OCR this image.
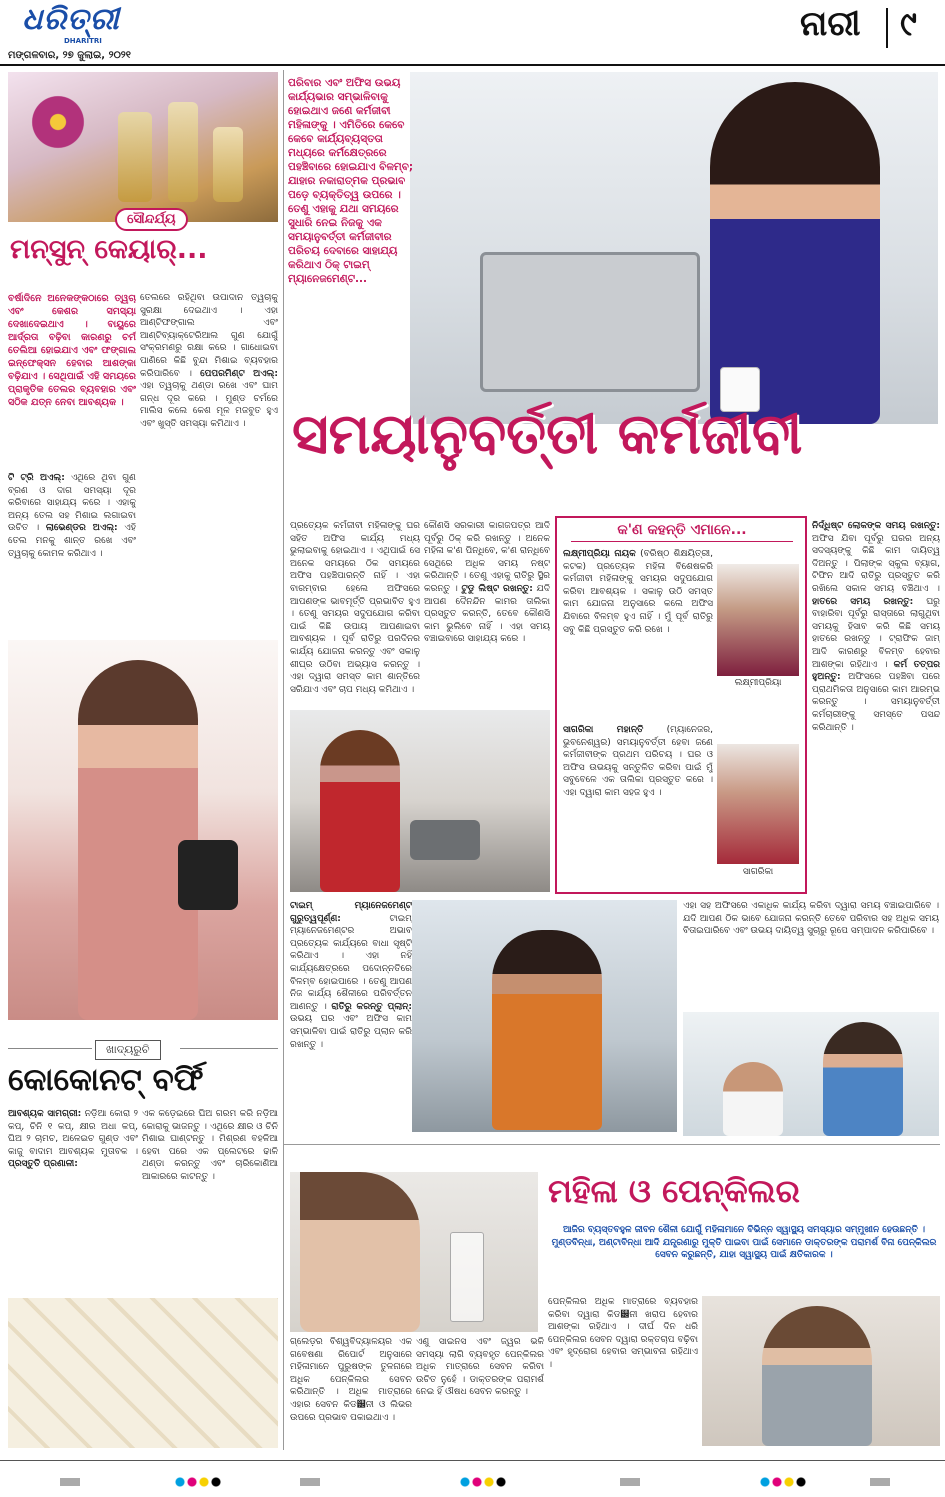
ଧରିତ୍ରୀ
DHARITRI
ମଙ୍ଗଳବାର, ୨୭ ଜୁଲାଇ, ୨୦୨୧
ନାରୀ ୯
ସୌନ୍ଦର୍ଯ୍ୟ
ମନ୍‌ସୁନ୍ କେୟାର୍...
ବର୍ଷାଦିନେ ଅନେକଙ୍କଠାରେ ତ୍ୱଚା ଏବଂ କେଶର ସମସ୍ୟା ଦେଖାଦେଇଥାଏ । ବାୟୁରେ ଆର୍ଦ୍ରତା ବଢ଼ିବା କାରଣରୁ ଚର୍ମ ତେଲିଆ ହୋଇଯାଏ ଏବଂ ଫଙ୍ଗାଲ ଇନ୍‌ଫେକ୍ସନ ହେବାର ଆଶଙ୍କା ବଢ଼ିଯାଏ । ସେଥିପାଇଁ ଏହି ସମୟରେ ପ୍ରାକୃତିକ ତେଲର ବ୍ୟବହାର ଏବଂ ସଠିକ ଯତ୍ନ ନେବା ଆବଶ୍ୟକ ।
ତେଲରେ ରହିଥିବା ଉପାଦାନ ତ୍ୱଚାକୁ ସୁରକ୍ଷା ଦେଇଥାଏ । ଏହା ଆଣ୍ଟିଫଙ୍ଗାଲ ଏବଂ ଆଣ୍ଟିବ୍ୟାକ୍ଟେରିଆଲ ଗୁଣ ଯୋଗୁଁ ସଂକ୍ରମଣରୁ ରକ୍ଷା କରେ । ଗାଧୋଇବା ପାଣିରେ କିଛି ବୁନ୍ଦା ମିଶାଇ ବ୍ୟବହାର କରିପାରିବେ । ପେପରମିଣ୍ଟ ଅଏଲ୍: ଏହା ତ୍ୱଚାକୁ ଥଣ୍ଡା ରଖେ ଏବଂ ଘାମ ଗନ୍ଧ ଦୂର କରେ । ମୁଣ୍ଡ ଚର୍ମରେ ମାଲିସ କଲେ କେଶ ମୂଳ ମଜବୁତ ହୁଏ ଏବଂ ଖୁସ୍ତି ସମସ୍ୟା କମିଥାଏ ।
ଟି ଟ୍ରି ଅଏଲ୍: ଏଥିରେ ଥିବା ଗୁଣ ବ୍ରଣ ଓ ଦାଗ ସମସ୍ୟା ଦୂର କରିବାରେ ସାହାଯ୍ୟ କରେ । ଏହାକୁ ଅନ୍ୟ ତେଲ ସହ ମିଶାଇ ଲଗାଇବା ଉଚିତ । ଲାଭେଣ୍ଡର ଅଏଲ୍: ଏହି ତେଲ ମନକୁ ଶାନ୍ତ ରଖେ ଏବଂ ତ୍ୱଚାକୁ କୋମଳ କରିଥାଏ ।
ଖାଦ୍ୟରୁଚି
କୋକୋନଟ୍ ବର୍ଫି
ଆବଶ୍ୟକ ସାମଗ୍ରୀ: ନଡ଼ିଆ କୋରା ୨ କପ୍, ଚିନି ୧ କପ୍, କ୍ଷୀର ଅଧା କପ୍, ଘିଅ ୨ ଚାମଚ, ଅଳେଇଚ ଗୁଣ୍ଡ ଏବଂ କାଜୁ ବାଦାମ ଆବଶ୍ୟକ ମୁତାବକ । ପ୍ରସ୍ତୁତି ପ୍ରଣାଳୀ:
ଏକ କଡ଼େଇରେ ଘିଅ ଗରମ କରି ନଡ଼ିଆ କୋରାକୁ ଭାଜନ୍ତୁ । ଏଥିରେ କ୍ଷୀର ଓ ଚିନି ମିଶାଇ ଘାଣ୍ଟନ୍ତୁ । ମିଶ୍ରଣ ବହଳିଆ ହେବା ପରେ ଏକ ପ୍ଲେଟରେ ଢାଳି ଥଣ୍ଡା କରନ୍ତୁ ଏବଂ ଚାରିକୋଣିଆ ଆକାରରେ କାଟନ୍ତୁ ।
ପରିବାର ଏବଂ ଅଫିସ ଉଭୟ କାର୍ଯ୍ୟଭାର ସମ୍ଭାଳିବାକୁ ହୋଇଥାଏ ଜଣେ କର୍ମଜୀବୀ ମହିଳାଙ୍କୁ । ଏମିତିରେ କେବେ କେବେ କାର୍ଯ୍ୟବ୍ୟସ୍ତତା ମଧ୍ୟରେ କର୍ମକ୍ଷେତ୍ରରେ ପହଞ୍ଚିବାରେ ହୋଇଯାଏ ବିଳମ୍ବ; ଯାହାର ନକାରାତ୍ମକ ପ୍ରଭାବ ପଡ଼େ ବ୍ୟକ୍ତିତ୍ୱ ଉପରେ । ତେଣୁ ଏହାକୁ ଯଥା ସମୟରେ ସୁଧାରି ନେଇ ନିଜକୁ ଏକ ସମୟାନୁବର୍ତ୍ତୀ କର୍ମଜୀବୀର ପରିଚୟ ଦେବାରେ ସାହାଯ୍ୟ କରିଥାଏ ଠିକ୍ ଟାଇମ୍ ମ୍ୟାନେଜମେଣ୍ଟ...
ସମୟାନୁବର୍ତ୍ତୀ କର୍ମଜୀବୀ
ପ୍ରତ୍ୟେକ କର୍ମଜୀବୀ ମହିଳାଙ୍କୁ ଘର ସହିତ ଅଫିସ କାର୍ଯ୍ୟ ମଧ୍ୟ ଭୁଲାଇବାକୁ ହୋଇଥାଏ । ଏଥିପାଇଁ ସେ ଅନେକ ସମୟରେ ଠିକ ସମୟରେ ଅଫିସ ପହଞ୍ଚିପାରନ୍ତି ନାହିଁ । ଏହା ବାରମ୍ବାର ହେଲେ ଅଫିସରେ ଆପଣଙ୍କ ଭାବମୂର୍ତ୍ତି ପ୍ରଭାବିତ ହୁଏ । ତେଣୁ ସମୟର ସଦୁପଯୋଗ କରିବା ପାଇଁ କିଛି ଉପାୟ ଆପଣାଇବା ଆବଶ୍ୟକ । ପୂର୍ବ ରାତିରୁ ପରଦିନର କାର୍ଯ୍ୟ ଯୋଜନା କରନ୍ତୁ ଏବଂ ସକାଳୁ ଶୀଘ୍ର ଉଠିବା ଅଭ୍ୟାସ କରନ୍ତୁ । ଏହା ଦ୍ୱାରା ସମସ୍ତ କାମ ଶାନ୍ତିରେ ସରିଯାଏ ଏବଂ ଚାପ ମଧ୍ୟ କମିଥାଏ ।
କୌଣସି ସରକାରୀ କାଗଜପତ୍ର ଆଦି ପୂର୍ବରୁ ଠିକ୍ କରି ରଖନ୍ତୁ । ଅନେକ ମହିଳା କ'ଣ ପିନ୍ଧିବେ, କ'ଣ ରାନ୍ଧିବେ ସେଥିରେ ଅଧିକ ସମୟ ନଷ୍ଟ କରିଥାନ୍ତି । ତେଣୁ ଏହାକୁ ରାତିରୁ ସ୍ଥିର କରନ୍ତୁ । ଟୁଡୁ ଲିଷ୍ଟ ରଖନ୍ତୁ: ଯଦି ଆପଣ ଦୈନନ୍ଦିନ କାମର ତାଲିକା ପ୍ରସ୍ତୁତ କରନ୍ତି, ତେବେ କୌଣସି କାମ ଭୁଲିବେ ନାହିଁ । ଏହା ସମୟ ବଞ୍ଚାଇବାରେ ସାହାଯ୍ୟ କରେ ।
କ'ଣ କହନ୍ତି ଏମାନେ...
ଲକ୍ଷ୍ମୀପ୍ରିୟା ନାୟକ (ବରିଷ୍ଠ ଶିକ୍ଷୟିତ୍ରୀ, କଟକ) ପ୍ରତ୍ୟେକ ମହିଳା ବିଶେଷକରି କର୍ମଜୀବୀ ମହିଳାଙ୍କୁ ସମୟର ସଦୁପଯୋଗ କରିବା ଆବଶ୍ୟକ । ସକାଳୁ ଉଠି ସମସ୍ତ କାମ ଯୋଜନା ଅନୁସାରେ କଲେ ଅଫିସ ଯିବାରେ ବିଳମ୍ବ ହୁଏ ନାହିଁ । ମୁଁ ପୂର୍ବ ରାତିରୁ ସବୁ କିଛି ପ୍ରସ୍ତୁତ କରି ରଖେ ।
ଲକ୍ଷ୍ମୀପ୍ରିୟା
ସାଗରିକା ମହାନ୍ତି	(ମ୍ୟାନେଜର, ଭୁବନେଶ୍ୱର) ସମୟାନୁବର୍ତ୍ତୀ ହେବା ଜଣେ କର୍ମଜୀବୀଙ୍କ ପ୍ରଥମ ପରିଚୟ । ଘର ଓ ଅଫିସ ଉଭୟକୁ ସନ୍ତୁଳିତ କରିବା ପାଇଁ ମୁଁ ସବୁବେଳେ ଏକ ତାଲିକା ପ୍ରସ୍ତୁତ କରେ । ଏହା ଦ୍ୱାରା କାମ ସହଜ ହୁଏ ।
ସାଗରିକା
ନିର୍ଦ୍ଧିଷ୍ଟ ଲୋକଙ୍କ ସମୟ ରଖନ୍ତୁ: ଅଫିସ ଯିବା ପୂର୍ବରୁ ଘରର ଅନ୍ୟ ସଦସ୍ୟଙ୍କୁ କିଛି କାମ ଦାୟିତ୍ୱ ଦିଅନ୍ତୁ । ପିଲାଙ୍କ ସ୍କୁଲ ବ୍ୟାଗ, ଟିଫିନ ଆଦି ରାତିରୁ ପ୍ରସ୍ତୁତ କରି ରଖିଲେ ସକାଳ ସମୟ ବଞ୍ଚିଥାଏ । ହାତରେ ସମୟ ରଖନ୍ତୁ: ଘରୁ ବାହାରିବା ପୂର୍ବରୁ ରାସ୍ତାରେ ଲାଗୁଥିବା ସମୟକୁ ହିସାବ କରି କିଛି ସମୟ ହାତରେ ରଖନ୍ତୁ । ଟ୍ରାଫିକ ଜାମ୍ ଆଦି କାରଣରୁ ବିଳମ୍ବ ହେବାର ଆଶଙ୍କା ରହିଥାଏ । କର୍ମ ତତ୍ପର ହୁଅନ୍ତୁ: ଅଫିସରେ ପହଞ୍ଚିବା ପରେ ପ୍ରାଥମିକତା ଅନୁସାରେ କାମ ଆରମ୍ଭ କରନ୍ତୁ । ସମୟାନୁବର୍ତ୍ତୀ କର୍ମଚାରୀଙ୍କୁ ସମସ୍ତେ ପସନ୍ଦ କରିଥାନ୍ତି ।
ଟାଇମ୍ ମ୍ୟାନେଜମେଣ୍ଟ ଗୁରୁତ୍ୱପୂର୍ଣ୍ଣ:	ଟାଇମ୍ ମ୍ୟାନେଜମେଣ୍ଟର ଅଭାବ ପ୍ରତ୍ୟେକ କାର୍ଯ୍ୟରେ ବାଧା ସୃଷ୍ଟି କରିଥାଏ । ଏହା ନହିଁ କାର୍ଯ୍ୟକ୍ଷେତ୍ରରେ ପଦୋନ୍ନତିରେ ବିଳମ୍ବ ହୋଇପାରେ । ତେଣୁ ଆପଣ ନିଜ କାର୍ଯ୍ୟ ଶୈଳୀରେ ପରିବର୍ତ୍ତନ ଆଣନ୍ତୁ । ରାତିରୁ କରନ୍ତୁ ପ୍ଲାନ୍: ଉଭୟ ଘର ଏବଂ ଅଫିସ କାମ ସମ୍ଭାଳିବା ପାଇଁ ରାତିରୁ ପ୍ଲାନ କରି ରଖନ୍ତୁ ।
ଏହା ସହ ଅଫିସରେ ଏକାଧିକ କାର୍ଯ୍ୟ କରିବା ଦ୍ୱାରା ସମୟ ବଞ୍ଚାଇପାରିବେ । ଯଦି ଆପଣ ଠିକ ଭାବେ ଯୋଜନା କରନ୍ତି ତେବେ ପରିବାର ସହ ଅଧିକ ସମୟ ବିତାଇପାରିବେ ଏବଂ ଉଭୟ ଦାୟିତ୍ୱ ସୁଚାରୁ ରୂପେ ସମ୍ପାଦନ କରିପାରିବେ ।
ମହିଳା ଓ ପେନ୍‌କିଲର
ଆଜିର ବ୍ୟସ୍ତବହୁଳ ଜୀବନ ଶୈଳୀ ଯୋଗୁଁ ମହିଳାମାନେ ବିଭିନ୍ନ ସ୍ୱାସ୍ଥ୍ୟ ସମସ୍ୟାର ସମ୍ମୁଖୀନ ହେଉଛନ୍ତି । ମୁଣ୍ଡବିନ୍ଧା, ଅଣ୍ଟାବିନ୍ଧା ଆଦି ଯନ୍ତ୍ରଣାରୁ ମୁକ୍ତି ପାଇବା ପାଇଁ ସେମାନେ ଡାକ୍ତରଙ୍କ ପରାମର୍ଶ ବିନା ପେନ୍‌କିଲର ସେବନ କରୁଛନ୍ତି, ଯାହା ସ୍ୱାସ୍ଥ୍ୟ ପାଇଁ କ୍ଷତିକାରକ ।
ପେନ୍‌କିଲର ଅଧିକ ମାତ୍ରାରେ ବ୍ୟବହାର କରିବା ଦ୍ୱାରା କିଡ୼ନୀ ଖରାପ ହେବାର ଆଶଙ୍କା ରହିଥାଏ । ଦୀର୍ଘ ଦିନ ଧରି ପେନ୍‌କିଲର ସେବନ ଦ୍ୱାରା ରକ୍ତଚାପ ବଢ଼ିବା ଏବଂ ହୃଦ୍‌ରୋଗ ହେବାର ସମ୍ଭାବନା ରହିଥାଏ ।
ଗ୍ଲେଡ଼ର ବିଶ୍ୱବିଦ୍ୟାଳୟର ଏକ ଗବେଷଣା ରିପୋର୍ଟ ଅନୁସାରେ ମହିଳାମାନେ ପୁରୁଷଙ୍କ ତୁଳନାରେ ଅଧିକ ପେନ୍‌କିଲର ସେବନ କରିଥାନ୍ତି । ଅଧିକ ମାତ୍ରାରେ ଏହାର ସେବନ କିଡ୼ନୀ ଓ ଲିଭର ଉପରେ ପ୍ରଭାବ ପକାଇଥାଏ ।
ଏଣୁ ସାଇନସ ଏବଂ ଜ୍ୱର ଭଳି ସମସ୍ୟା ଲାଗି ବ୍ୟବହୃତ ପେନ୍‌କିଲର ଅଧିକ ମାତ୍ରାରେ ସେବନ କରିବା ଉଚିତ ନୁହେଁ । ଡାକ୍ତରଙ୍କ ପରାମର୍ଶ ନେଇ ହିଁ ଔଷଧ ସେବନ କରନ୍ତୁ ।
